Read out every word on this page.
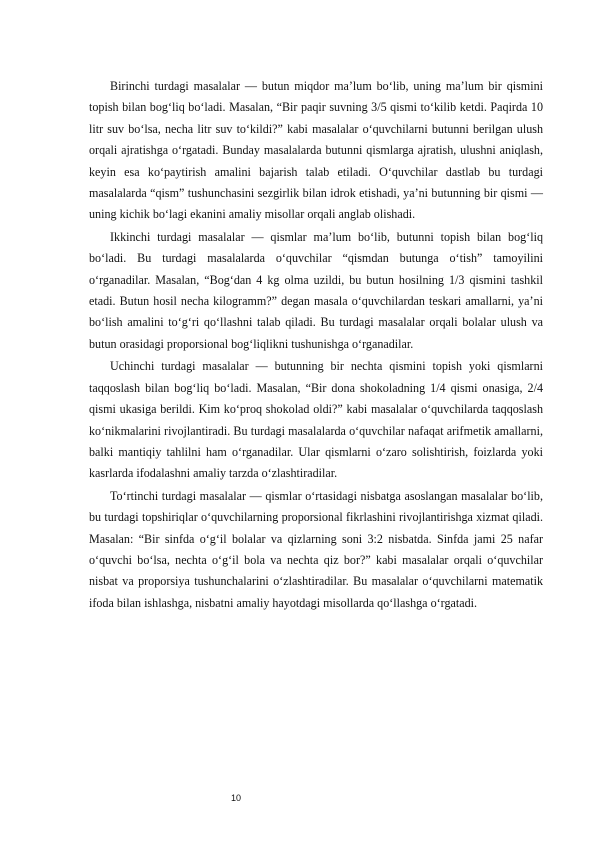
Birinchi turdagi masalalar — butun miqdor ma’lum bo‘lib, uning ma’lum bir qismini topish bilan bog‘liq bo‘ladi. Masalan, “Bir paqir suvning 3/5 qismi to‘kilib ketdi. Paqirda 10 litr suv bo‘lsa, necha litr suv to‘kildi?” kabi masalalar o‘quvchilarni butunni berilgan ulush orqali ajratishga o‘rgatadi. Bunday masalalarda butunni qismlarga ajratish, ulushni aniqlash, keyin esa ko‘paytirish amalini bajarish talab etiladi. O‘quvchilar dastlab bu turdagi masalalarda “qism” tushunchasini sezgirlik bilan idrok etishadi, ya’ni butunning bir qismi — uning kichik bo‘lagi ekanini amaliy misollar orqali anglab olishadi.

Ikkinchi turdagi masalalar — qismlar ma’lum bo‘lib, butunni topish bilan bog‘liq bo‘ladi. Bu turdagi masalalarda o‘quvchilar “qismdan butunga o‘tish” tamoyilini o‘rganadilar. Masalan, “Bog‘dan 4 kg olma uzildi, bu butun hosilning 1/3 qismini tashkil etadi. Butun hosil necha kilogramm?” degan masala o‘quvchilardan teskari amallarni, ya’ni bo‘lish amalini to‘g‘ri qo‘llashni talab qiladi. Bu turdagi masalalar orqali bolalar ulush va butun orasidagi proporsional bog‘liqlikni tushunishga o‘rganadilar.

Uchinchi turdagi masalalar — butunning bir nechta qismini topish yoki qismlarni taqqoslash bilan bog‘liq bo‘ladi. Masalan, “Bir dona shokoladning 1/4 qismi onasiga, 2/4 qismi ukasiga berildi. Kim ko‘proq shokolad oldi?” kabi masalalar o‘quvchilarda taqqoslash ko‘nikmalarini rivojlantiradi. Bu turdagi masalalarda o‘quvchilar nafaqat arifmetik amallarni, balki mantiqiy tahlilni ham o‘rganadilar. Ular qismlarni o‘zaro solishtirish, foizlarda yoki kasrlarda ifodalashni amaliy tarzda o‘zlashtiradilar.

To‘rtinchi turdagi masalalar — qismlar o‘rtasidagi nisbatga asoslangan masalalar bo‘lib, bu turdagi topshiriqlar o‘quvchilarning proporsional fikrlashini rivojlantirishga xizmat qiladi. Masalan: “Bir sinfda o‘g‘il bolalar va qizlarning soni 3:2 nisbatda. Sinfda jami 25 nafar o‘quvchi bo‘lsa, nechta o‘g‘il bola va nechta qiz bor?” kabi masalalar orqali o‘quvchilar nisbat va proporsiya tushunchalarini o‘zlashtiradilar. Bu masalalar o‘quvchilarni matematik ifoda bilan ishlashga, nisbatni amaliy hayotdagi misollarda qo‘llashga o‘rgatadi.

10
